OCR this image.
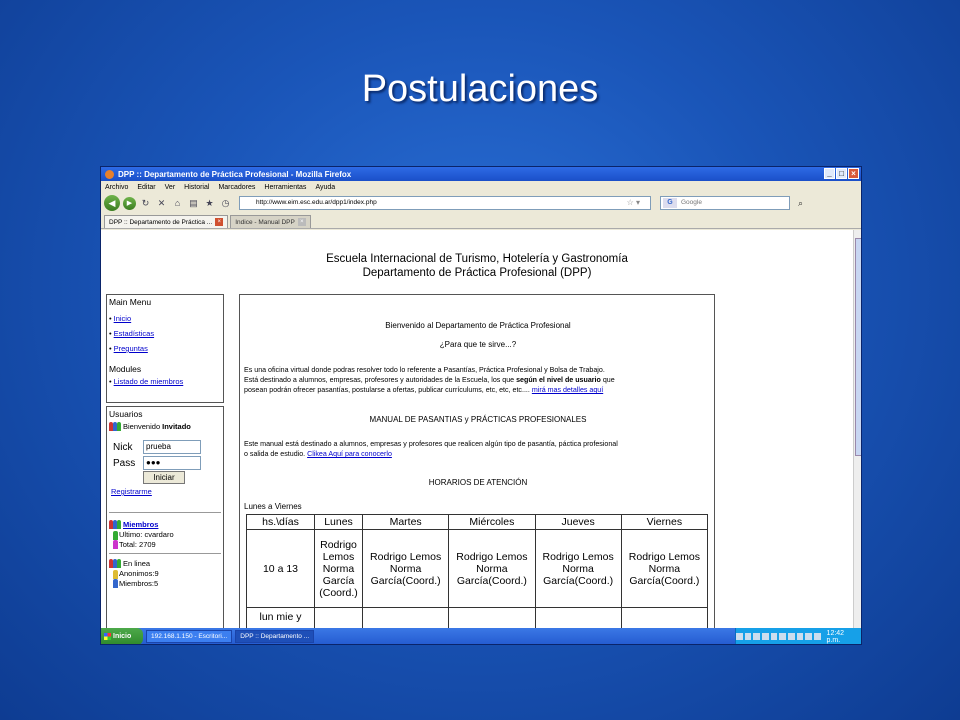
Postulaciones
DPP :: Departamento de Práctica Profesional - Mozilla Firefox	_ □ ×
Archivo Editar Ver Historial Marcadores Herramientas Ayuda
◀	▶	↻ ✕	⌂	▤ ★ ◷	http://www.eim.esc.edu.ar/dpp1/index.php	☆ ▾	G	Google	⌕
DPP :: Departamento de Práctica ... ×	Indice - Manual DPP ×
Escuela Internacional de Turismo, Hotelería y Gastronomía
Departamento de Práctica Profesional (DPP)
Main Menu
• Inicio
• Estadísticas
• Preguntas
Modules
• Listado de miembros
Usuarios
Bienvenido Invitado
Nick	prueba
Pass	●●●
Iniciar
Registrarme
Miembros
Ultimo: cvardaro
Total: 2709
En linea
Anonimos:9
Miembros:5
Bienvenido al Departamento de Práctica Profesional
¿Para que te sirve...?
Es una oficina virtual donde podras resolver todo lo referente a Pasantías, Práctica Profesional y Bolsa de Trabajo.
Está destinado a alumnos, empresas, profesores y autoridades de la Escuela, los que según el nivel de usuario que
posean podrán ofrecer pasantías, postularse a ofertas, publicar currículums, etc, etc, etc.... mirá mas detalles aquí
MANUAL DE PASANTIAS y PRÁCTICAS PROFESIONALES
Este manual está destinado a alumnos, empresas y profesores que realicen algún tipo de pasantía, páctica profesional
o salida de estudio. Clikea Aquí para conocerlo
HORARIOS DE ATENCIÓN
Lunes a Viernes
hs.\días	Lunes	Martes	Miércoles	Jueves	Viernes
10 a 13	Rodrigo Lemos Norma García (Coord.)	Rodrigo Lemos Norma García(Coord.)	Rodrigo Lemos Norma García(Coord.)	Rodrigo Lemos Norma García(Coord.)	Rodrigo Lemos Norma García(Coord.)
lun mie y					
Inicio	192.168.1.150 - Escritori...	DPP :: Departamento ...	12:42 p.m.
